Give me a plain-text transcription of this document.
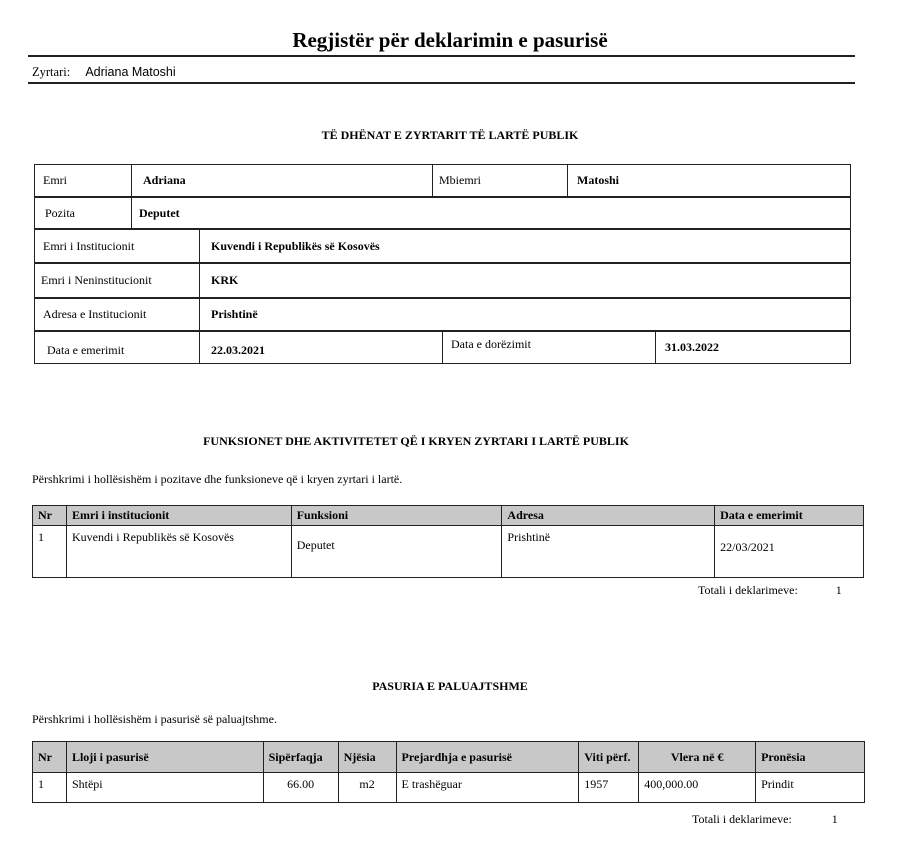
Regjistër për deklarimin e pasurisë
Zyrtari: Adriana Matoshi
TË DHËNAT E ZYRTARIT TË LARTË PUBLIK
Emri	Adriana	Mbiemri	Matoshi
Pozita	Deputet
Emri i Institucionit	Kuvendi i Republikës së Kosovës
Emri i Neninstitucionit	KRK
Adresa e Institucionit	Prishtinë
Data e emerimit	22.03.2021	Data e dorëzimit	31.03.2022
FUNKSIONET DHE AKTIVITETET QË I KRYEN ZYRTARI I LARTË PUBLIK
Përshkrimi i hollësishëm i pozitave dhe funksioneve që i kryen zyrtari i lartë.
Nr	Emri i institucionit	Funksioni	Adresa	Data e emerimit
1	Kuvendi i Republikës së Kosovës	Deputet	Prishtinë	22/03/2021
Totali i deklarimeve:	1
PASURIA E PALUAJTSHME
Përshkrimi i hollësishëm i pasurisë së paluajtshme.
Nr	Lloji i pasurisë	Sipërfaqja	Njësia	Prejardhja e pasurisë	Viti përf.	Vlera në €	Pronësia
1	Shtëpi	66.00	m2	E trashëguar	1957	400,000.00	Prindit
Totali i deklarimeve:	1
